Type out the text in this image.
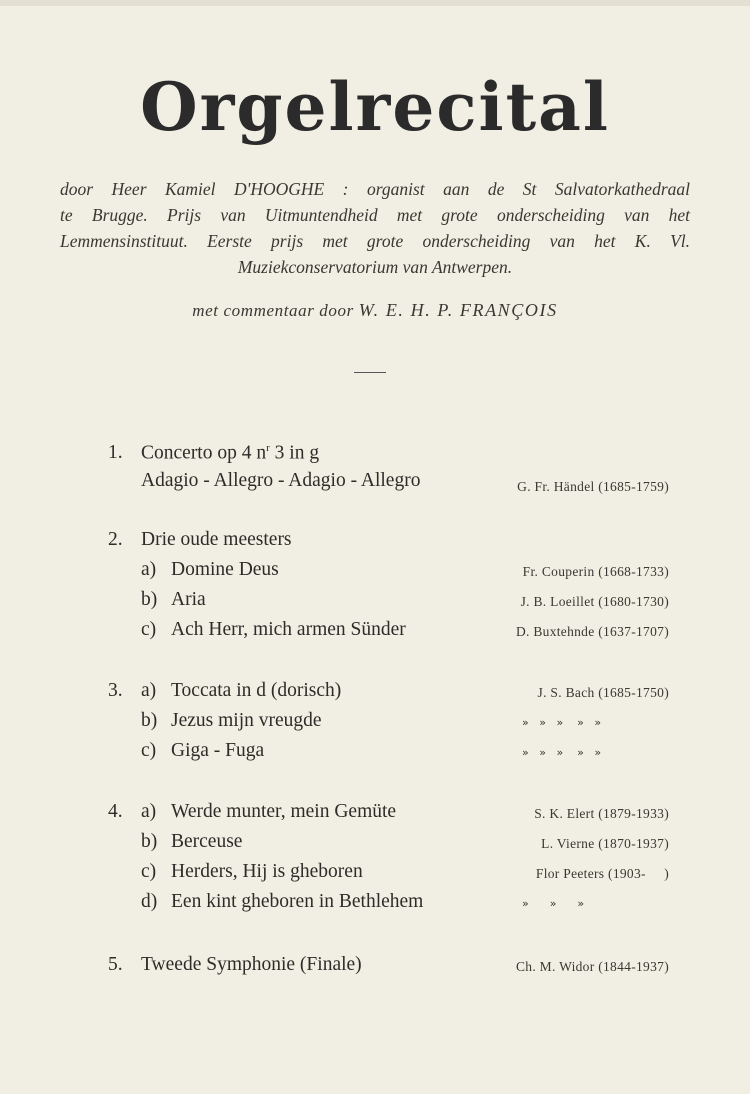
Orgelrecital
door Heer Kamiel D'HOOGHE : organist aan de St Salvatorkathedraal
te Brugge. Prijs van Uitmuntendheid met grote onderscheiding van het
Lemmensinstituut. Eerste prijs met grote onderscheiding van het K. Vl.
Muziekconservatorium van Antwerpen.
met commentaar door W. E. H. P. FRANÇOIS
1. Concerto op 4 $n^r$ 3 in g
Adagio - Allegro - Adagio - Allegro	G. Fr. Händel (1685-1759)
2. Drie oude meesters
a) Domine Deus	Fr. Couperin (1668-1733)
b) Aria	J. B. Loeillet (1680-1730)
c) Ach Herr, mich armen Sünder	D. Buxtehnde (1637-1707)
3. a) Toccata in d (dorisch)	J. S. Bach (1685-1750)
b) Jezus mijn vreugde	»   »   »    »   »
c) Giga - Fuga	»   »   »    »   »
4. a) Werde munter, mein Gemüte	S. K. Elert (1879-1933)
b) Berceuse	L. Vierne (1870-1937)
c) Herders, Hij is gheboren	Flor Peeters (1903-     )
d) Een kint gheboren in Bethlehem	»      »      »
5. Tweede Symphonie (Finale)	Ch. M. Widor (1844-1937)
